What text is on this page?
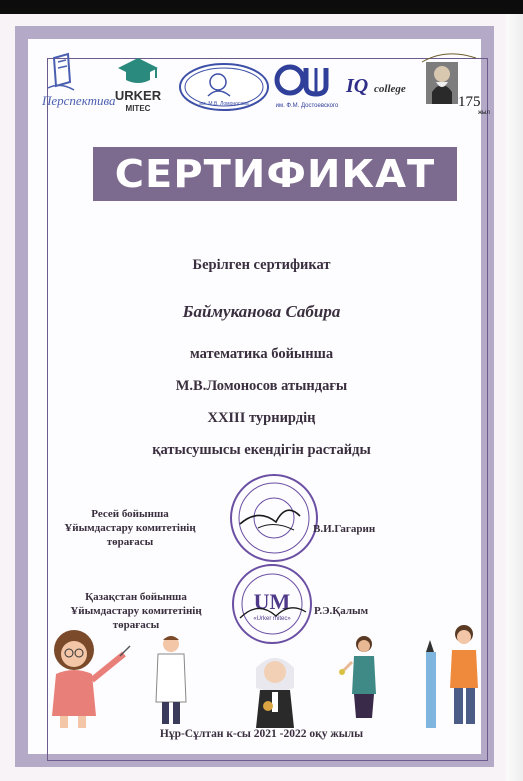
Перспектива URKER
MITEC	им. М.В. Ломоносова	им. Ф.М. Достоевского
IQ college
175
жыл
СЕРТИФИКАТ
Берілген сертификат
Баймуканова Сабира
математика бойынша
М.В.Ломоносов атындағы
XXIII турнирдің
қатысушысы екендігін растайды
Ресей бойынша
Ұйымдастару комитетінің
төрағасы
В.И.Гагарин
Қазақстан бойынша
Ұйымдастару комитетінің
төрағасы
UM
«Urker mitec»
Р.Э.Қалым
Нұр-Сұлтан к-сы 2021 -2022 оқу жылы
